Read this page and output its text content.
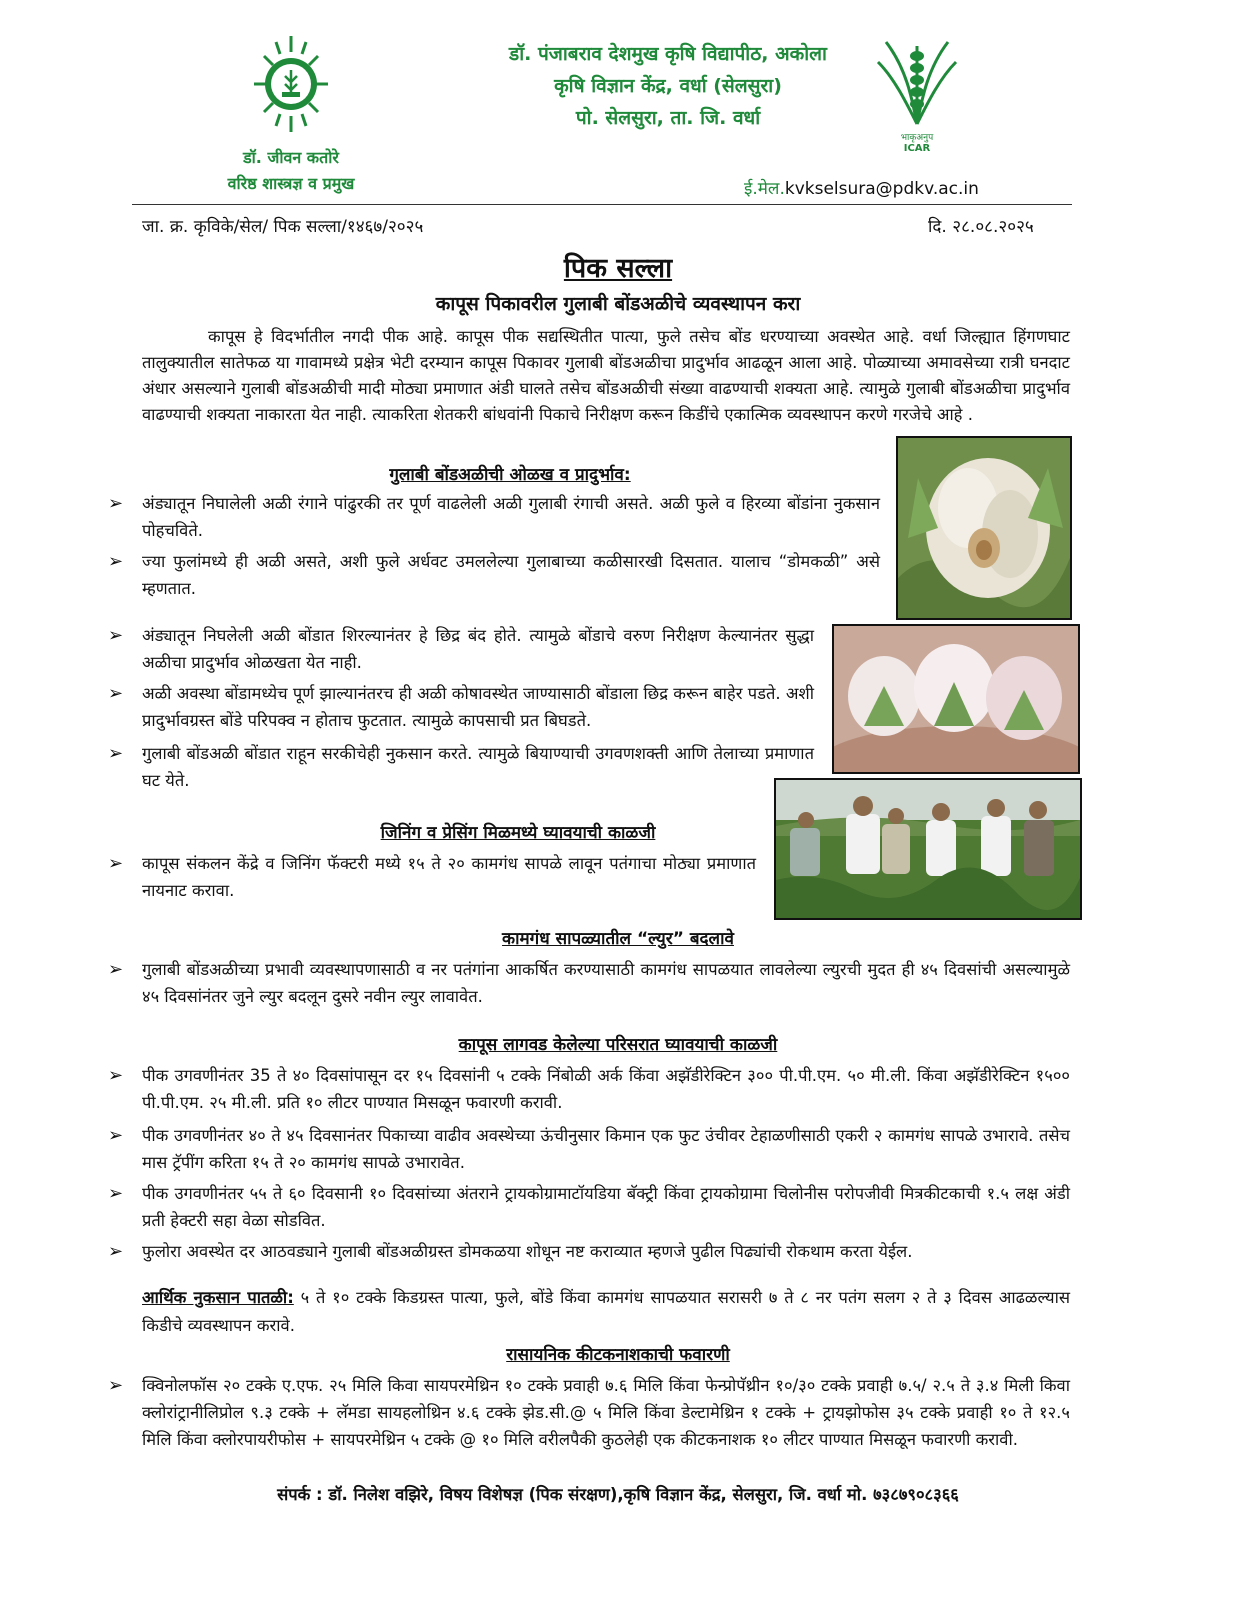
डॉ. जीवन कतोरे
वरिष्ठ शास्त्रज्ञ व प्रमुख
डॉ. पंजाबराव देशमुख कृषि विद्यापीठ, अकोला
कृषि विज्ञान केंद्र, वर्धा (सेलसुरा)
पो. सेलसुरा, ता. जि. वर्धा
भाकृअनुप
ICAR
ई.मेल.kvkselsura@pdkv.ac.in
जा. क्र. कृविके/सेल/ पिक सल्ला/१४६७/२०२५	दि. २८.०८.२०२५
पिक सल्ला
कापूस पिकावरील गुलाबी बोंडअळीचे व्यवस्थापन करा
कापूस हे विदर्भातील नगदी पीक आहे. कापूस पीक सद्यस्थितीत पात्या, फुले तसेच बोंड धरण्याच्या अवस्थेत आहे. वर्धा जिल्ह्यात हिंगणघाट तालुक्यातील सातेफळ या गावामध्ये प्रक्षेत्र भेटी दरम्यान कापूस पिकावर गुलाबी बोंडअळीचा प्रादुर्भाव आढळून आला आहे. पोळ्याच्या अमावसेच्या रात्री घनदाट अंधार असल्याने गुलाबी बोंडअळीची मादी मोठ्या प्रमाणात अंडी घालते तसेच बोंडअळीची संख्या वाढण्याची शक्यता आहे. त्यामुळे गुलाबी बोंडअळीचा प्रादुर्भाव वाढण्याची शक्यता नाकारता येत नाही. त्याकरिता शेतकरी बांधवांनी पिकाचे निरीक्षण करून किडींचे एकात्मिक व्यवस्थापन करणे गरजेचे आहे .
गुलाबी बोंडअळीची ओळख व प्रादुर्भाव:
➢ अंड्यातून निघालेली अळी रंगाने पांढुरकी तर पूर्ण वाढलेली अळी गुलाबी रंगाची असते. अळी फुले व हिरव्या बोंडांना नुकसान पोहचविते.
➢ ज्या फुलांमध्ये ही अळी असते, अशी फुले अर्धवट उमललेल्या गुलाबाच्या कळीसारखी दिसतात. यालाच “डोमकळी” असे म्हणतात.
➢ अंड्यातून निघलेली अळी बोंडात शिरल्यानंतर हे छिद्र बंद होते. त्यामुळे बोंडाचे वरुण निरीक्षण केल्यानंतर सुद्धा अळीचा प्रादुर्भाव ओळखता येत नाही.
➢ अळी अवस्था बोंडामध्येच पूर्ण झाल्यानंतरच ही अळी कोषावस्थेत जाण्यासाठी बोंडाला छिद्र करून बाहेर पडते. अशी प्रादुर्भावग्रस्त बोंडे परिपक्व न होताच फुटतात. त्यामुळे कापसाची प्रत बिघडते.
➢ गुलाबी बोंडअळी बोंडात राहून सरकीचेही नुकसान करते. त्यामुळे बियाण्याची उगवणशक्ती आणि तेलाच्या प्रमाणात घट येते.
जिनिंग व प्रेसिंग मिळमध्ये घ्यावयाची काळजी
➢ कापूस संकलन केंद्रे व जिनिंग फॅक्टरी मध्ये १५ ते २० कामगंध सापळे लावून पतंगाचा मोठ्या प्रमाणात नायनाट करावा.
कामगंध सापळ्यातील “ल्युर” बदलावे
➢ गुलाबी बोंडअळीच्या प्रभावी व्यवस्थापणासाठी व नर पतंगांना आकर्षित करण्यासाठी कामगंध सापळयात लावलेल्या ल्युरची मुदत ही ४५ दिवसांची असल्यामुळे ४५ दिवसांनंतर जुने ल्युर बदलून दुसरे नवीन ल्युर लावावेत.
कापूस लागवड केलेल्या परिसरात घ्यावयाची काळजी
➢ पीक उगवणीनंतर 35 ते ४० दिवसांपासून दर १५ दिवसांनी ५ टक्के निंबोळी अर्क किंवा अझॅडीरेक्टिन ३०० पी.पी.एम. ५० मी.ली. किंवा अझॅडीरेक्टिन १५०० पी.पी.एम. २५ मी.ली. प्रति १० लीटर पाण्यात मिसळून फवारणी करावी.
➢ पीक उगवणीनंतर ४० ते ४५ दिवसानंतर पिकाच्या वाढीव अवस्थेच्या ऊंचीनुसार किमान एक फुट उंचीवर टेहाळणीसाठी एकरी २ कामगंध सापळे उभारावे. तसेच मास ट्रॅपींग करिता १५ ते २० कामगंध सापळे उभारावेत.
➢ पीक उगवणीनंतर ५५ ते ६० दिवसानी १० दिवसांच्या अंतराने ट्रायकोग्रामाटॉयडिया बॅक्ट्री किंवा ट्रायकोग्रामा चिलोनीस परोपजीवी मित्रकीटकाची १.५ लक्ष अंडी प्रती हेक्टरी सहा वेळा सोडवित.
➢ फुलोरा अवस्थेत दर आठवड्याने गुलाबी बोंडअळीग्रस्त डोमकळया शोधून नष्ट कराव्यात म्हणजे पुढील पिढ्यांची रोकथाम करता येईल.
आर्थिक नुकसान पातळी: ५ ते १० टक्के किडग्रस्त पात्या, फुले, बोंडे किंवा कामगंध सापळयात सरासरी ७ ते ८ नर पतंग सलग २ ते ३ दिवस आढळल्यास किडीचे व्यवस्थापन करावे.
रासायनिक कीटकनाशकाची फवारणी
➢ क्विनोलफॉस २० टक्के ए.एफ. २५ मिलि किवा सायपरमेथ्रिन १० टक्के प्रवाही ७.६ मिलि किंवा फेन्प्रोपॅथ्रीन १०/३० टक्के प्रवाही ७.५/ २.५ ते ३.४ मिली किवा क्लोरांट्रानीलिप्रोल ९.३ टक्के + लॅमडा सायहलोथ्रिन ४.६ टक्के झेड.सी.@ ५ मिलि किंवा डेल्टामेथ्रिन १ टक्के + ट्रायझोफोस ३५ टक्के प्रवाही १० ते १२.५ मिलि किंवा क्लोरपायरीफोस + सायपरमेथ्रिन ५ टक्के @ १० मिलि वरीलपैकी कुठलेही एक कीटकनाशक १० लीटर पाण्यात मिसळून फवारणी करावी.
संपर्क : डॉ. निलेश वझिरे, विषय विशेषज्ञ (पिक संरक्षण),कृषि विज्ञान केंद्र, सेलसुरा, जि. वर्धा मो. ७३८७९०८३६६
